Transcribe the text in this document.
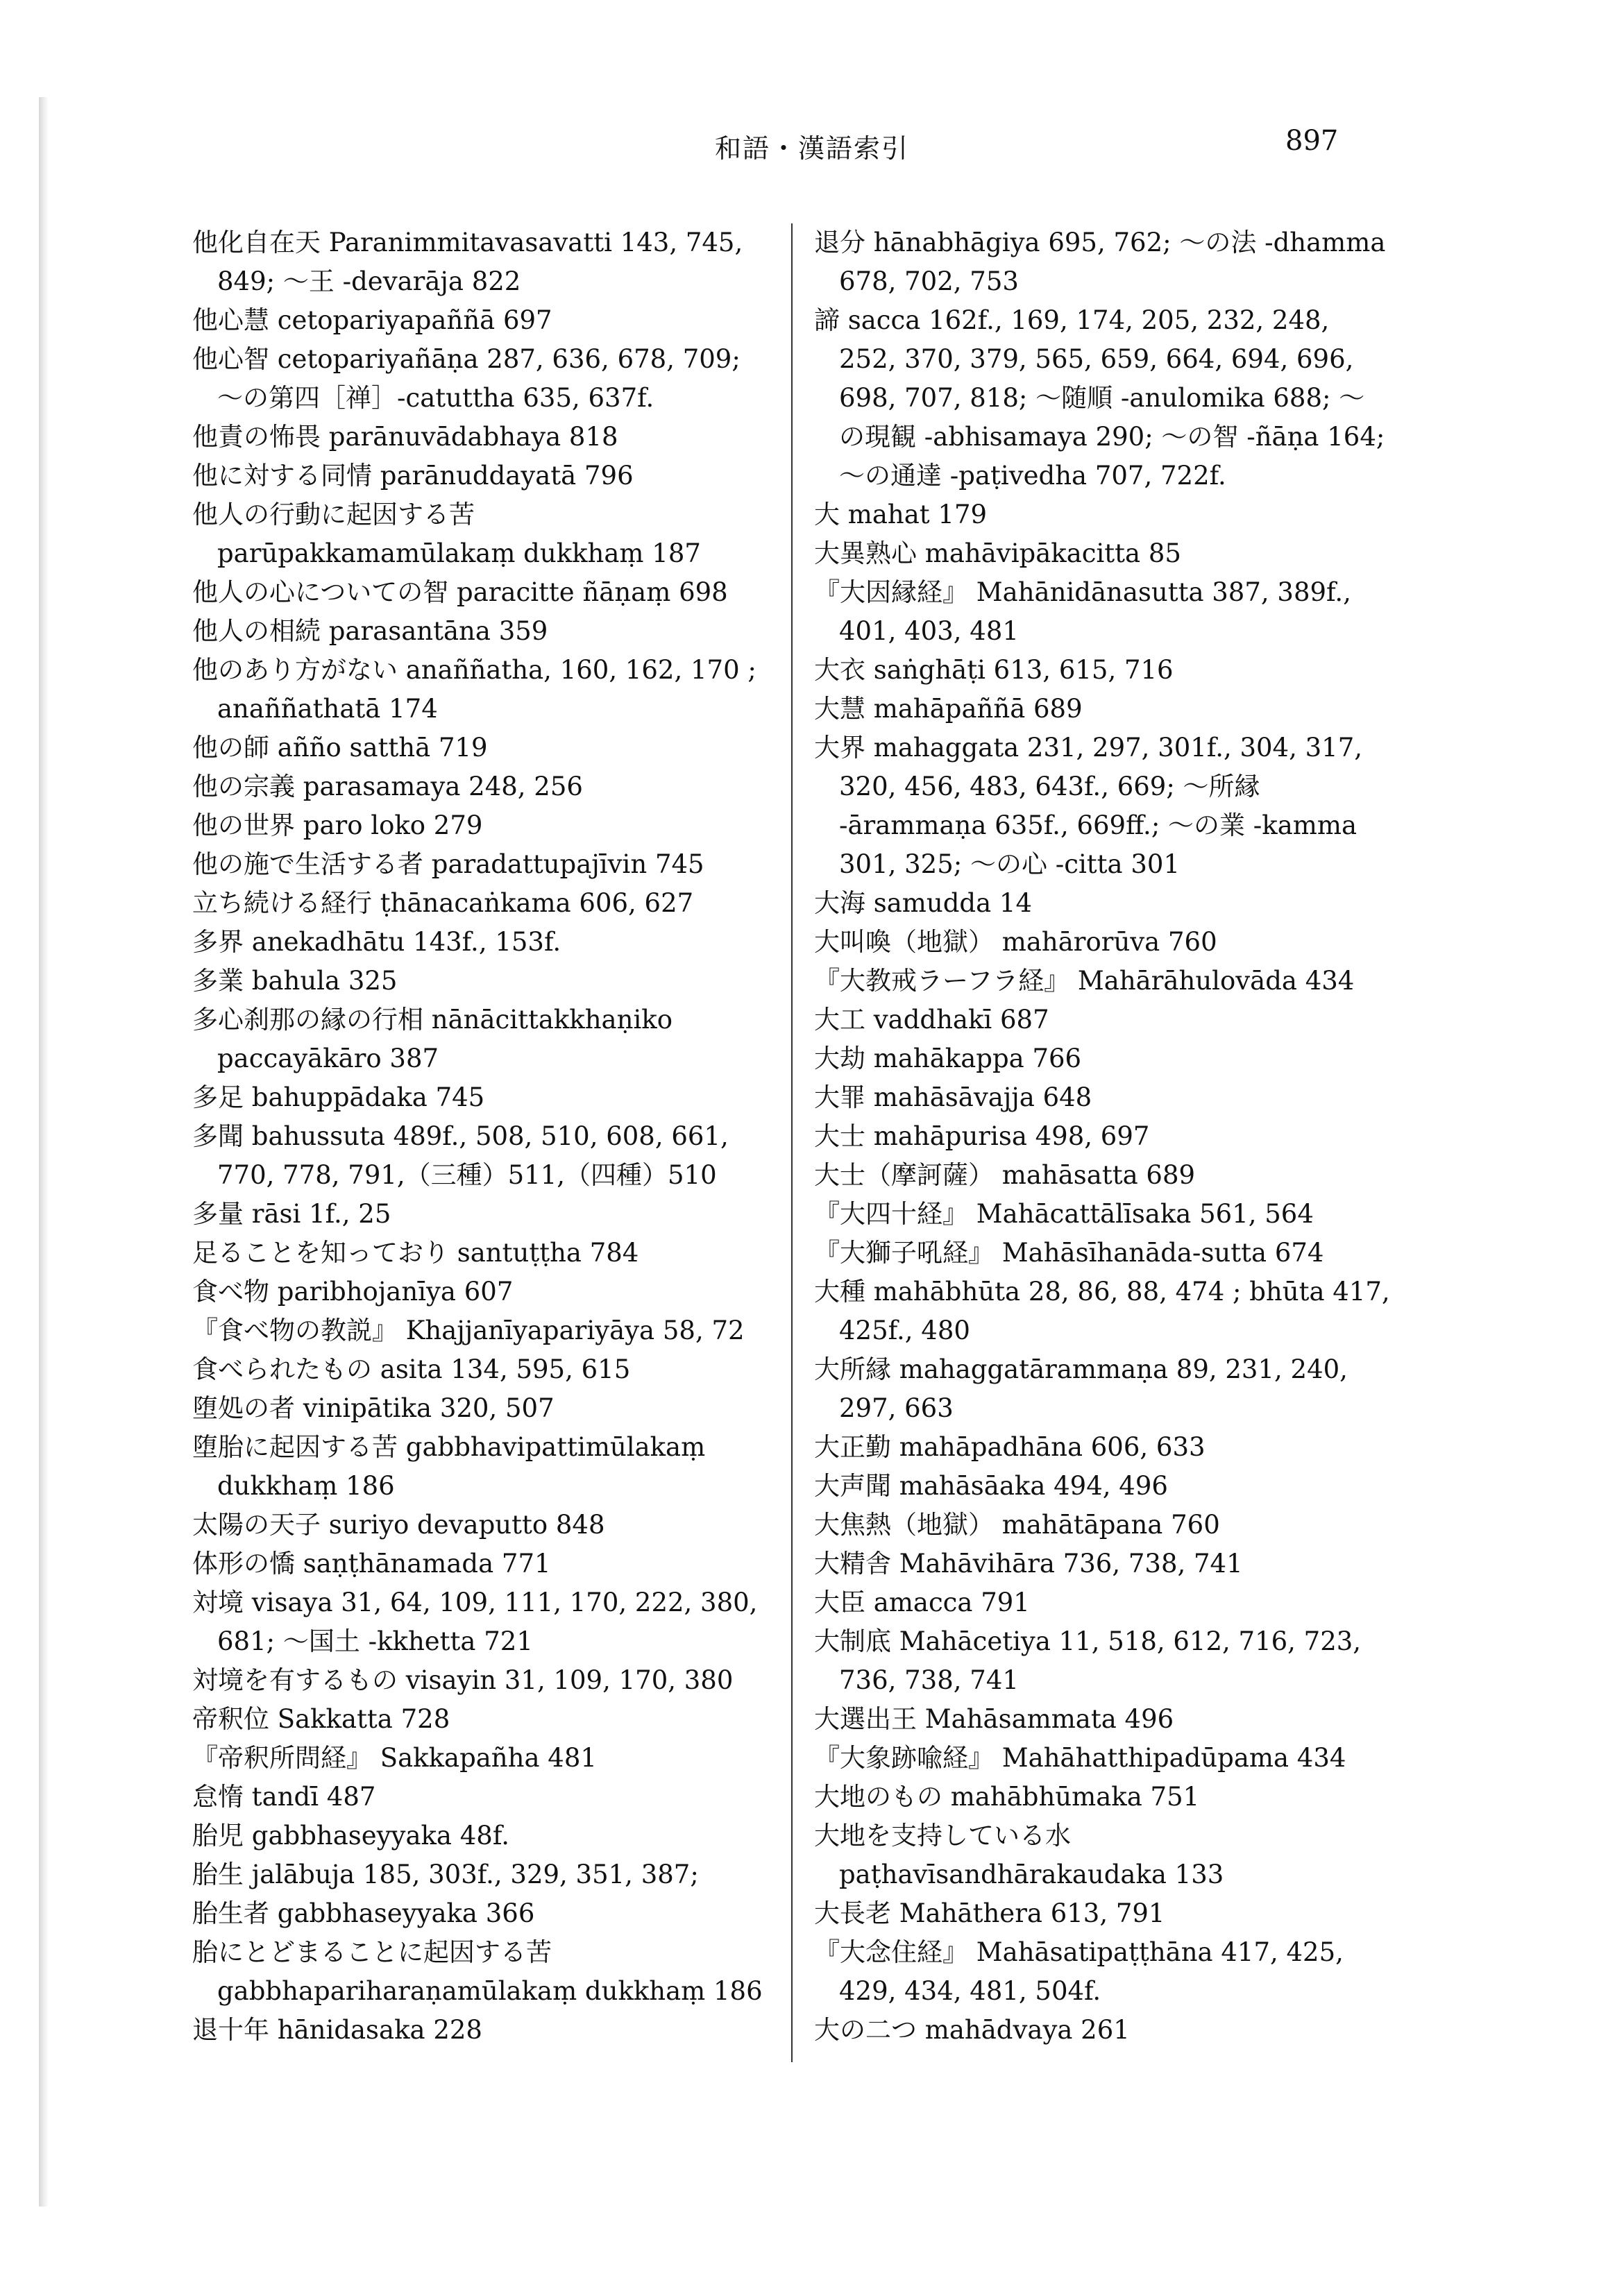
和語・漢語索引	897

他化自在天 Paranimmitavasavatti 143, 745, 849; ～王 -devarāja 822

他心慧 cetopariyapaññā 697

他心智 cetopariyañāṇa 287, 636, 678, 709; ～の第四［禅］-catuttha 635, 637f.

他責の怖畏 parānuvādabhaya 818

他に対する同情 parānuddayatā 796

他人の行動に起因する苦 parūpakkamamūlakaṃ dukkhaṃ 187

他人の心についての智 paracitte ñāṇaṃ 698

他人の相続 parasantāna 359

他のあり方がない anaññatha, 160, 162, 170 ; anaññathatā 174

他の師 añño satthā 719

他の宗義 parasamaya 248, 256

他の世界 paro loko 279

他の施で生活する者 paradattupajīvin 745

立ち続ける経行 ṭhānacaṅkama 606, 627

多界 anekadhātu 143f., 153f.

多業 bahula 325

多心刹那の縁の行相 nānācittakkhaṇiko paccayākāro 387

多足 bahuppādaka 745

多聞 bahussuta 489f., 508, 510, 608, 661, 770, 778, 791,（三種）511,（四種）510

多量 rāsi 1f., 25

足ることを知っており santuṭṭha 784

食べ物 paribhojanīya 607

『食べ物の教説』 Khajjanīyapariyāya 58, 72

食べられたもの asita 134, 595, 615

堕処の者 vinipātika 320, 507

堕胎に起因する苦 gabbhavipattimūlakaṃ dukkhaṃ 186

太陽の天子 suriyo devaputto 848

体形の憍 saṇṭhānamada 771

対境 visaya 31, 64, 109, 111, 170, 222, 380, 681; ～国土 -kkhetta 721

対境を有するもの visayin 31, 109, 170, 380

帝釈位 Sakkatta 728

『帝釈所問経』 Sakkapañha 481

怠惰 tandī 487

胎児 gabbhaseyyaka 48f.

胎生 jalābuja 185, 303f., 329, 351, 387;

胎生者 gabbhaseyyaka 366

胎にとどまることに起因する苦 gabbhapariharaṇamūlakaṃ dukkhaṃ 186

退十年 hānidasaka 228

退分 hānabhāgiya 695, 762; ～の法 -dhamma 678, 702, 753

諦 sacca 162f., 169, 174, 205, 232, 248, 252, 370, 379, 565, 659, 664, 694, 696, 698, 707, 818; ～随順 -anulomika 688; ～の現観 -abhisamaya 290; ～の智 -ñāṇa 164; ～の通達 -paṭivedha 707, 722f.

大 mahat 179

大異熟心 mahāvipākacitta 85

『大因縁経』 Mahānidānasutta 387, 389f., 401, 403, 481

大衣 saṅghāṭi 613, 615, 716

大慧 mahāpaññā 689

大界 mahaggata 231, 297, 301f., 304, 317, 320, 456, 483, 643f., 669; ～所縁 -ārammaṇa 635f., 669ff.; ～の業 -kamma 301, 325; ～の心 -citta 301

大海 samudda 14

大叫喚（地獄） mahārorūva 760

『大教戒ラーフラ経』 Mahārāhulovāda 434

大工 vaddhakī 687

大劫 mahākappa 766

大罪 mahāsāvajja 648

大士 mahāpurisa 498, 697

大士（摩訶薩） mahāsatta 689

『大四十経』 Mahācattālīsaka 561, 564

『大獅子吼経』 Mahāsīhanāda-sutta 674

大種 mahābhūta 28, 86, 88, 474 ; bhūta 417, 425f., 480

大所縁 mahaggatārammaṇa 89, 231, 240, 297, 663

大正勤 mahāpadhāna 606, 633

大声聞 mahāsāaka 494, 496

大焦熱（地獄） mahātāpana 760

大精舎 Mahāvihāra 736, 738, 741

大臣 amacca 791

大制底 Mahācetiya 11, 518, 612, 716, 723, 736, 738, 741

大選出王 Mahāsammata 496

『大象跡喩経』 Mahāhatthipadūpama 434

大地のもの mahābhūmaka 751

大地を支持している水 paṭhavīsandhārakaudaka 133

大長老 Mahāthera 613, 791

『大念住経』 Mahāsatipaṭṭhāna 417, 425, 429, 434, 481, 504f.

大の二つ mahādvaya 261
